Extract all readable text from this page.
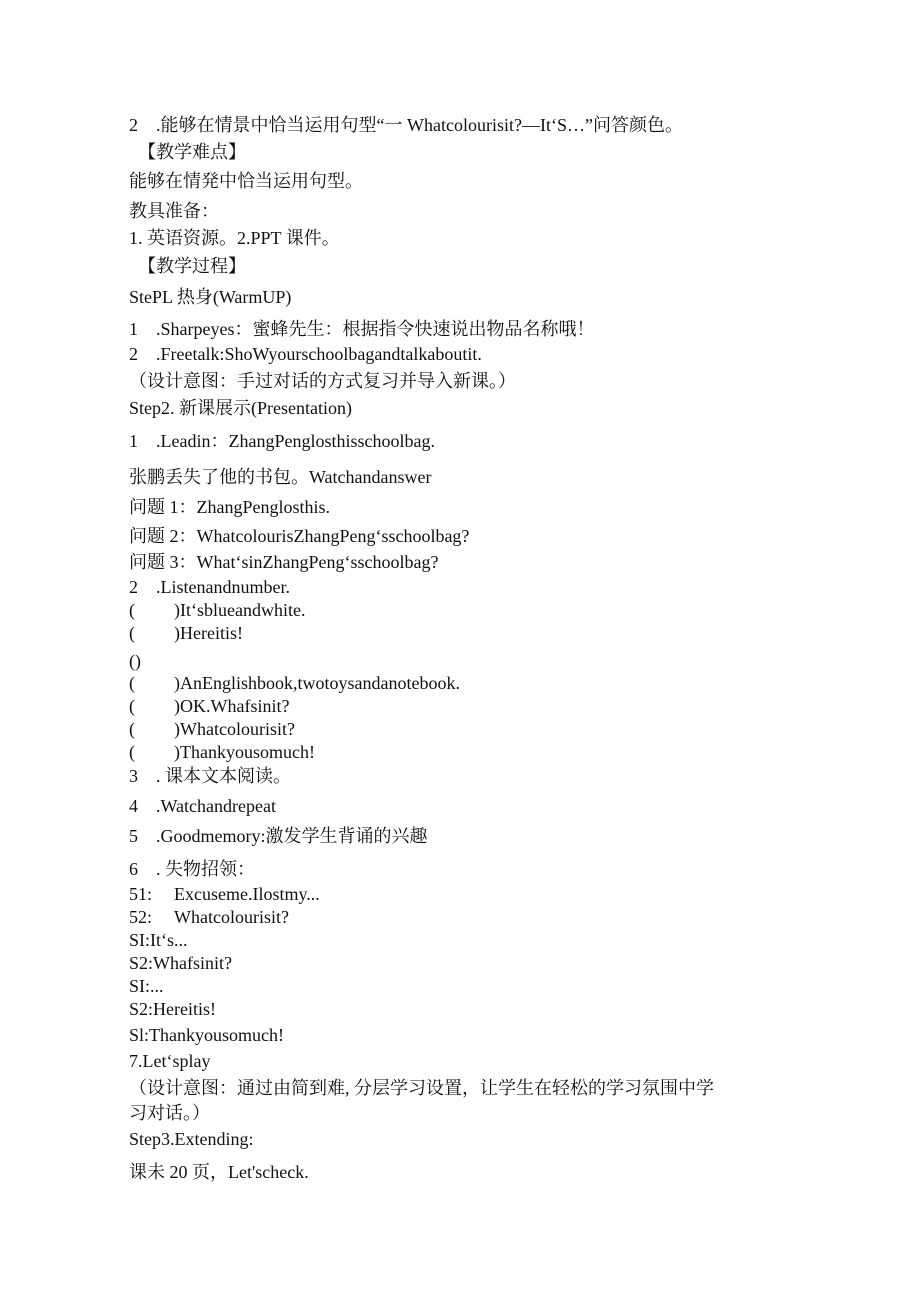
2　.能够在情景中恰当运用句型“一 Whatcolourisit?—ItʻS…”问答颜色。
　【教学难点】
能够在情発中恰当运用句型。
教具准备：
1. 英语资源。2.PPT 课件。
　【教学过程】
StePL 热身(WarmUP)
1　.Sharpeyes：蜜蜂先生：根据指令快速说出物品名称哦！
2　.Freetalk:ShoWyourschoolbagandtalkaboutit.
（设计意图：手过对话的方式复习并导入新课。）
Step2. 新课展示(Presentation)
1　.Leadin：ZhangPenglosthisschoolbag.
张鹏丢失了他的书包。Watchandanswer
问题 1：ZhangPenglosthis.
问题 2：WhatcolourisZhangPengʻsschoolbag?
问题 3：WhatʻsinZhangPengʻsschoolbag?
2　.Listenandnumber.
( )Itʻsblueandwhite.
( )Hereitis!
()
( )AnEnglishbook,twotoysandanotebook.
( )OK.Whafsinit?
( )Whatcolourisit?
( )Thankyousomuch!
3　. 课本文本阅读。
4　.Watchandrepeat
5　.Goodmemory:激发学生背诵的兴趣
6　. 失物招领：
51: Excuseme.Ilostmy...
52: Whatcolourisit?
SI:Itʻs...
S2:Whafsinit?
SI:...
S2:Hereitis!
Sl:Thankyousomuch!
7.Letʻsplay
（设计意图：通过由简到难, 分层学习设置，让学生在轻松的学习氛围中学
习对话。）
Step3.Extending:
课未 20 页，Let'scheck.
